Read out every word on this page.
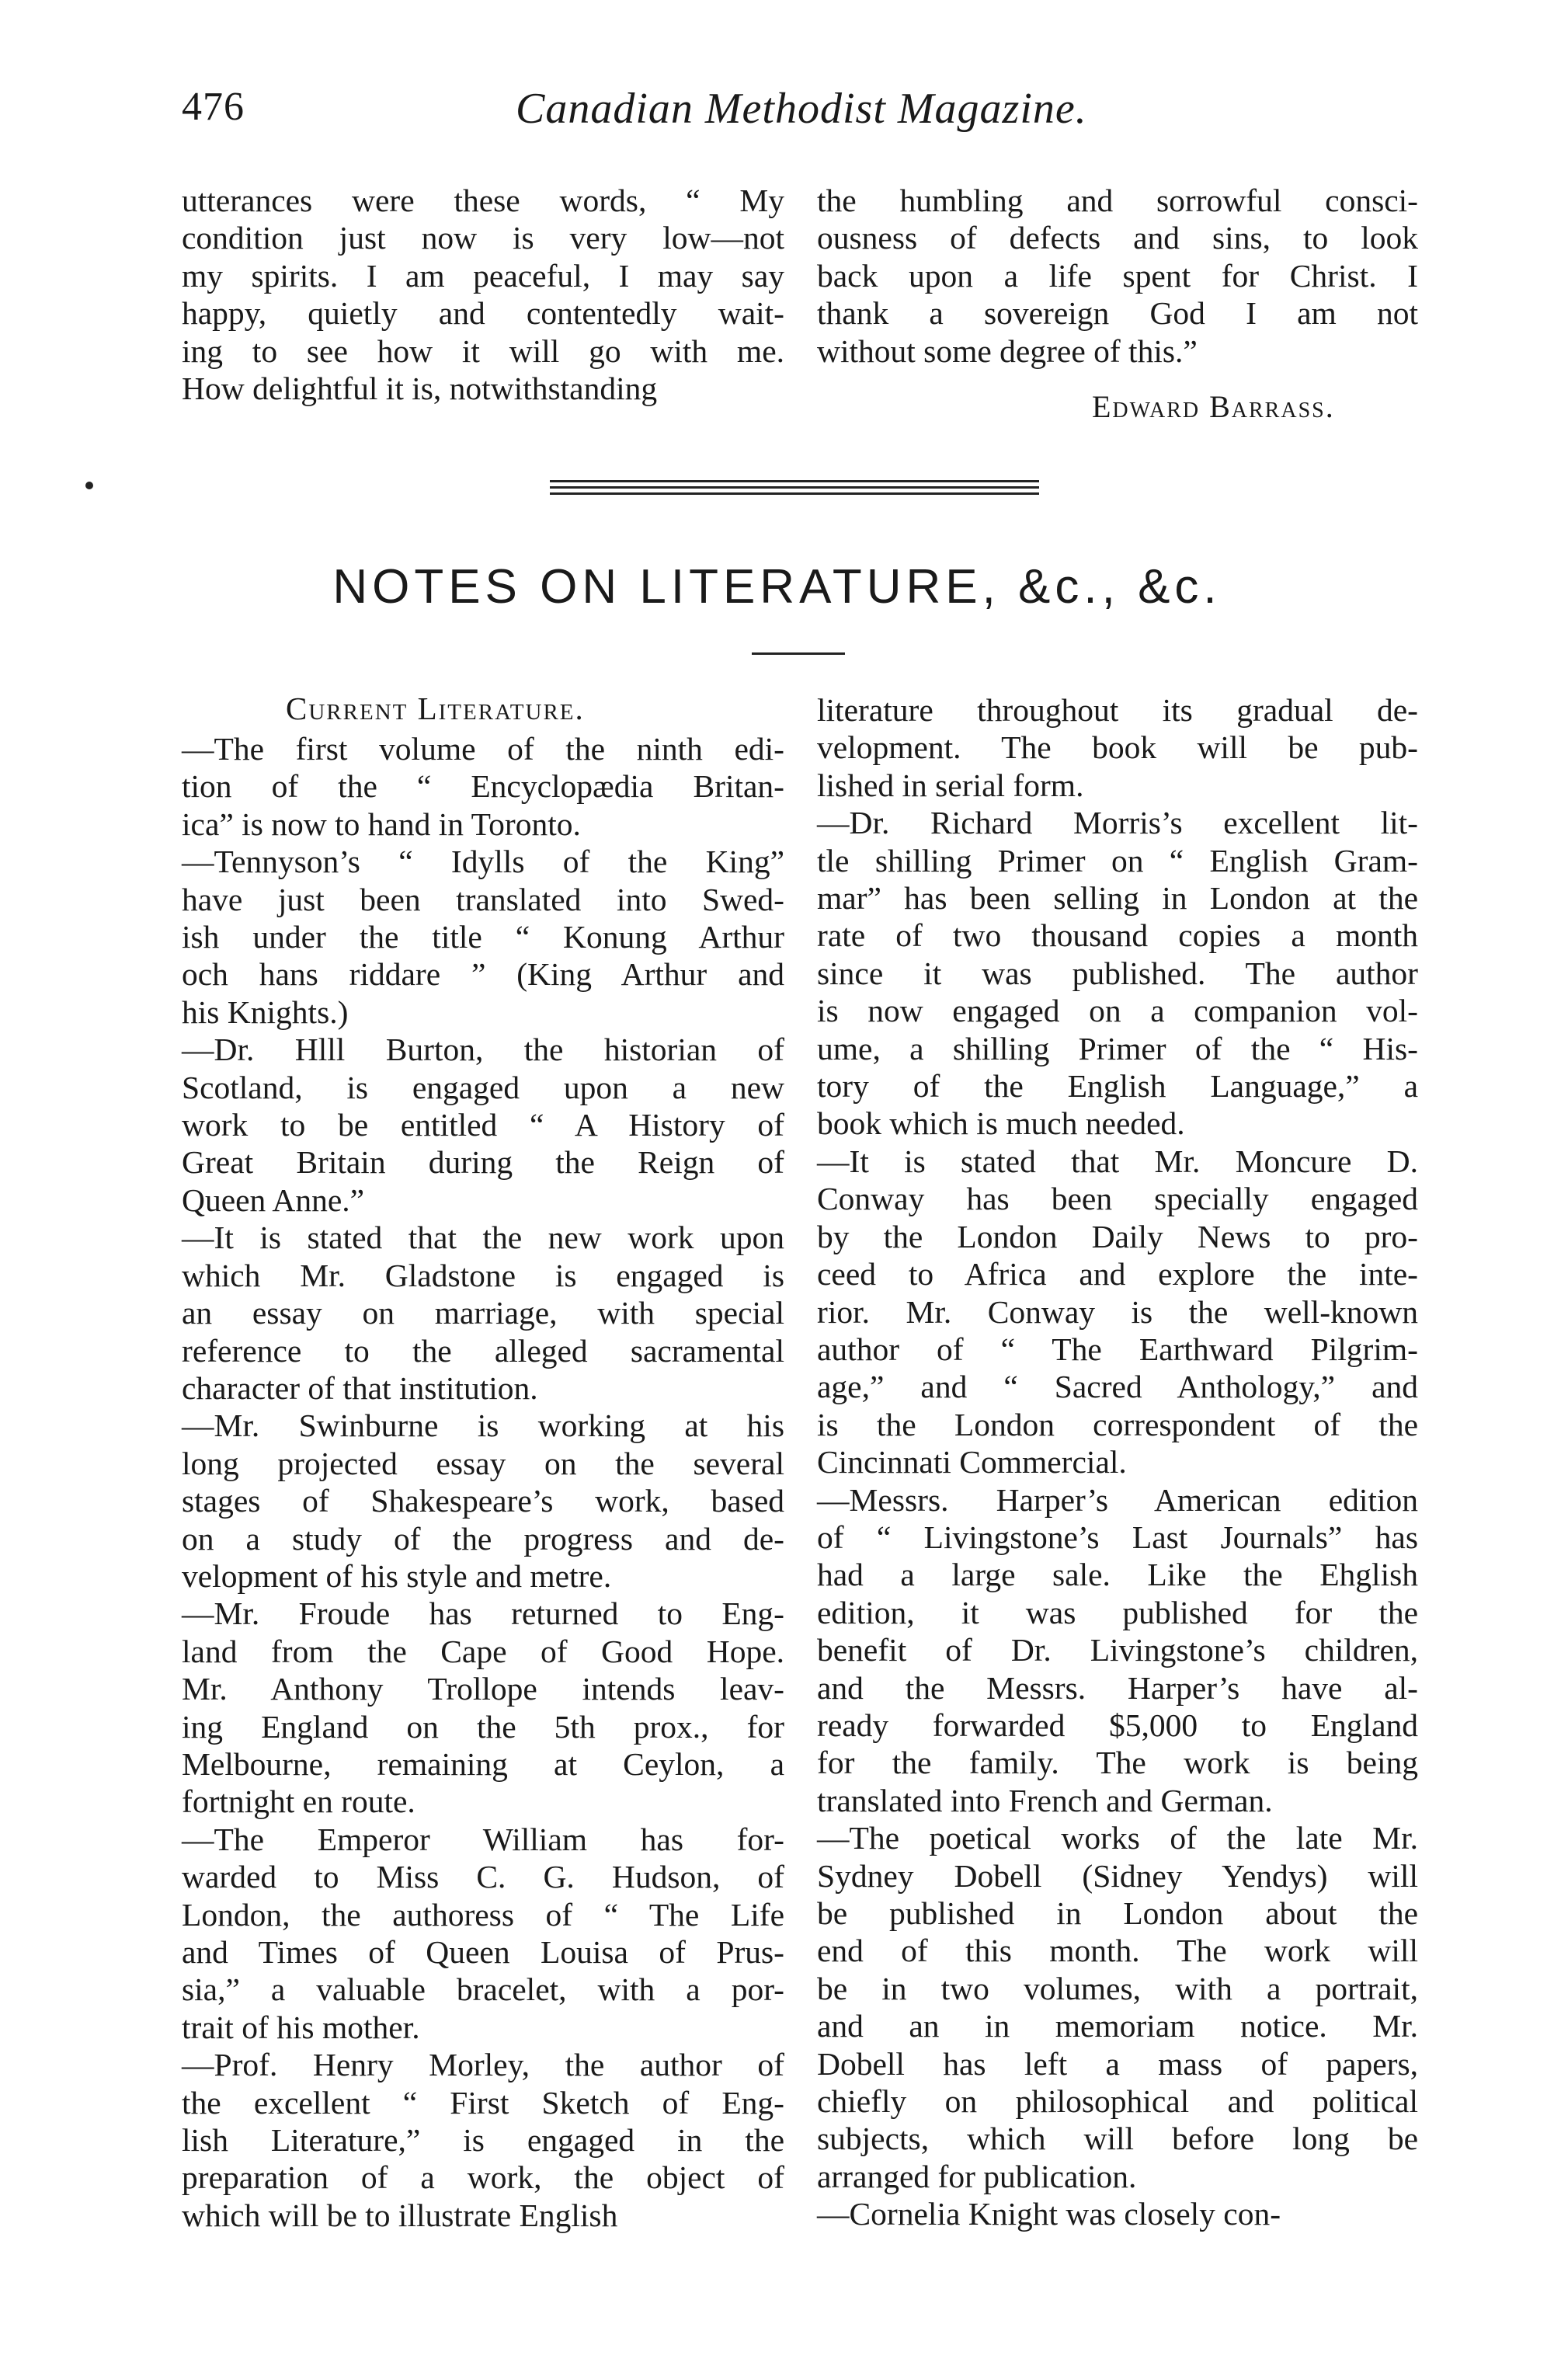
476	Canadian Methodist Magazine.
utterances were these words, “ My
condition just now is very low—not
my spirits. I am peaceful, I may say
happy, quietly and contentedly wait-
ing to see how it will go with me.
How delightful it is, notwithstanding
the humbling and sorrowful consci-
ousness of defects and sins, to look
back upon a life spent for Christ. I
thank a sovereign God I am not
without some degree of this.”
Edward Barrass.
NOTES ON LITERATURE, &c., &c.
Current Literature.
—The first volume of the ninth edi-
tion of the “ Encyclopædia Britan-
ica” is now to hand in Toronto.
—Tennyson’s “ Idylls of the King”
have just been translated into Swed-
ish under the title “ Konung Arthur
och hans riddare ” (King Arthur and
his Knights.)
—Dr. Hlll Burton, the historian of
Scotland, is engaged upon a new
work to be entitled “ A History of
Great Britain during the Reign of
Queen Anne.”
—It is stated that the new work upon
which Mr. Gladstone is engaged is
an essay on marriage, with special
reference to the alleged sacramental
character of that institution.
—Mr. Swinburne is working at his
long projected essay on the several
stages of Shakespeare’s work, based
on a study of the progress and de-
velopment of his style and metre.
—Mr. Froude has returned to Eng-
land from the Cape of Good Hope.
Mr. Anthony Trollope intends leav-
ing England on the 5th prox., for
Melbourne, remaining at Ceylon, a
fortnight en route.
—The Emperor William has for-
warded to Miss C. G. Hudson, of
London, the authoress of “ The Life
and Times of Queen Louisa of Prus-
sia,” a valuable bracelet, with a por-
trait of his mother.
—Prof. Henry Morley, the author of
the excellent “ First Sketch of Eng-
lish Literature,” is engaged in the
preparation of a work, the object of
which will be to illustrate English
literature throughout its gradual de-
velopment. The book will be pub-
lished in serial form.
—Dr. Richard Morris’s excellent lit-
tle shilling Primer on “ English Gram-
mar” has been selling in London at the
rate of two thousand copies a month
since it was published. The author
is now engaged on a companion vol-
ume, a shilling Primer of the “ His-
tory of the English Language,” a
book which is much needed.
—It is stated that Mr. Moncure D.
Conway has been specially engaged
by the London Daily News to pro-
ceed to Africa and explore the inte-
rior. Mr. Conway is the well-known
author of “ The Earthward Pilgrim-
age,” and “ Sacred Anthology,” and
is the London correspondent of the
Cincinnati Commercial.
—Messrs. Harper’s American edition
of “ Livingstone’s Last Journals” has
had a large sale. Like the Ehglish
edition, it was published for the
benefit of Dr. Livingstone’s children,
and the Messrs. Harper’s have al-
ready forwarded $5,000 to England
for the family. The work is being
translated into French and German.
—The poetical works of the late Mr.
Sydney Dobell (Sidney Yendys) will
be published in London about the
end of this month. The work will
be in two volumes, with a portrait,
and an in memoriam notice. Mr.
Dobell has left a mass of papers,
chiefly on philosophical and political
subjects, which will before long be
arranged for publication.
—Cornelia Knight was closely con-
